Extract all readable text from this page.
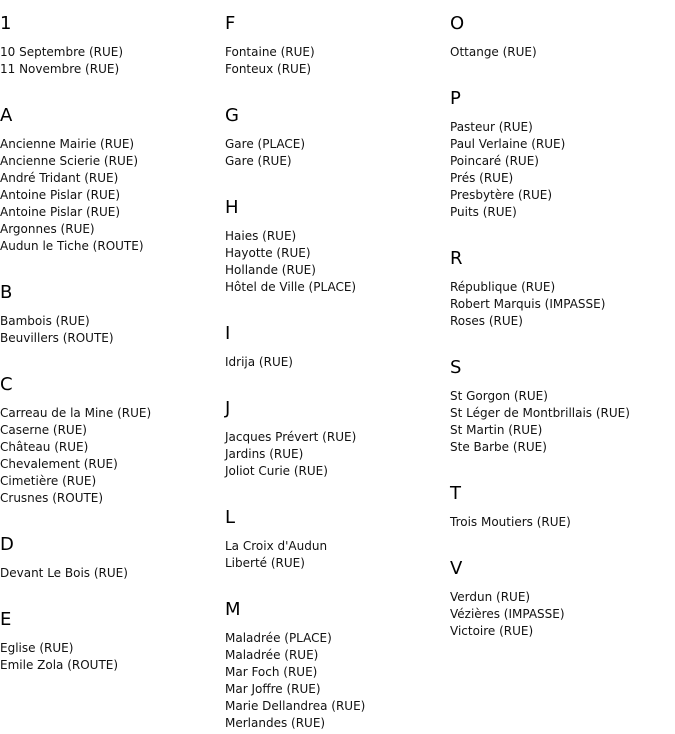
1
10 Septembre (RUE)
11 Novembre (RUE)
A
Ancienne Mairie (RUE)
Ancienne Scierie (RUE)
André Tridant (RUE)
Antoine Pislar (RUE)
Antoine Pislar (RUE)
Argonnes (RUE)
Audun le Tiche (ROUTE)
B
Bambois (RUE)
Beuvillers (ROUTE)
C
Carreau de la Mine (RUE)
Caserne (RUE)
Château (RUE)
Chevalement (RUE)
Cimetière (RUE)
Crusnes (ROUTE)
D
Devant Le Bois (RUE)
E
Eglise (RUE)
Emile Zola (ROUTE)
F
Fontaine (RUE)
Fonteux (RUE)
G
Gare (PLACE)
Gare (RUE)
H
Haies (RUE)
Hayotte (RUE)
Hollande (RUE)
Hôtel de Ville (PLACE)
I
Idrija (RUE)
J
Jacques Prévert (RUE)
Jardins (RUE)
Joliot Curie (RUE)
L
La Croix d'Audun
Liberté (RUE)
M
Maladrée (PLACE)
Maladrée (RUE)
Mar Foch (RUE)
Mar Joffre (RUE)
Marie Dellandrea (RUE)
Merlandes (RUE)
O
Ottange (RUE)
P
Pasteur (RUE)
Paul Verlaine (RUE)
Poincaré (RUE)
Prés (RUE)
Presbytère (RUE)
Puits (RUE)
R
République (RUE)
Robert Marquis (IMPASSE)
Roses (RUE)
S
St Gorgon (RUE)
St Léger de Montbrillais (RUE)
St Martin (RUE)
Ste Barbe (RUE)
T
Trois Moutiers (RUE)
V
Verdun (RUE)
Vézières (IMPASSE)
Victoire (RUE)
